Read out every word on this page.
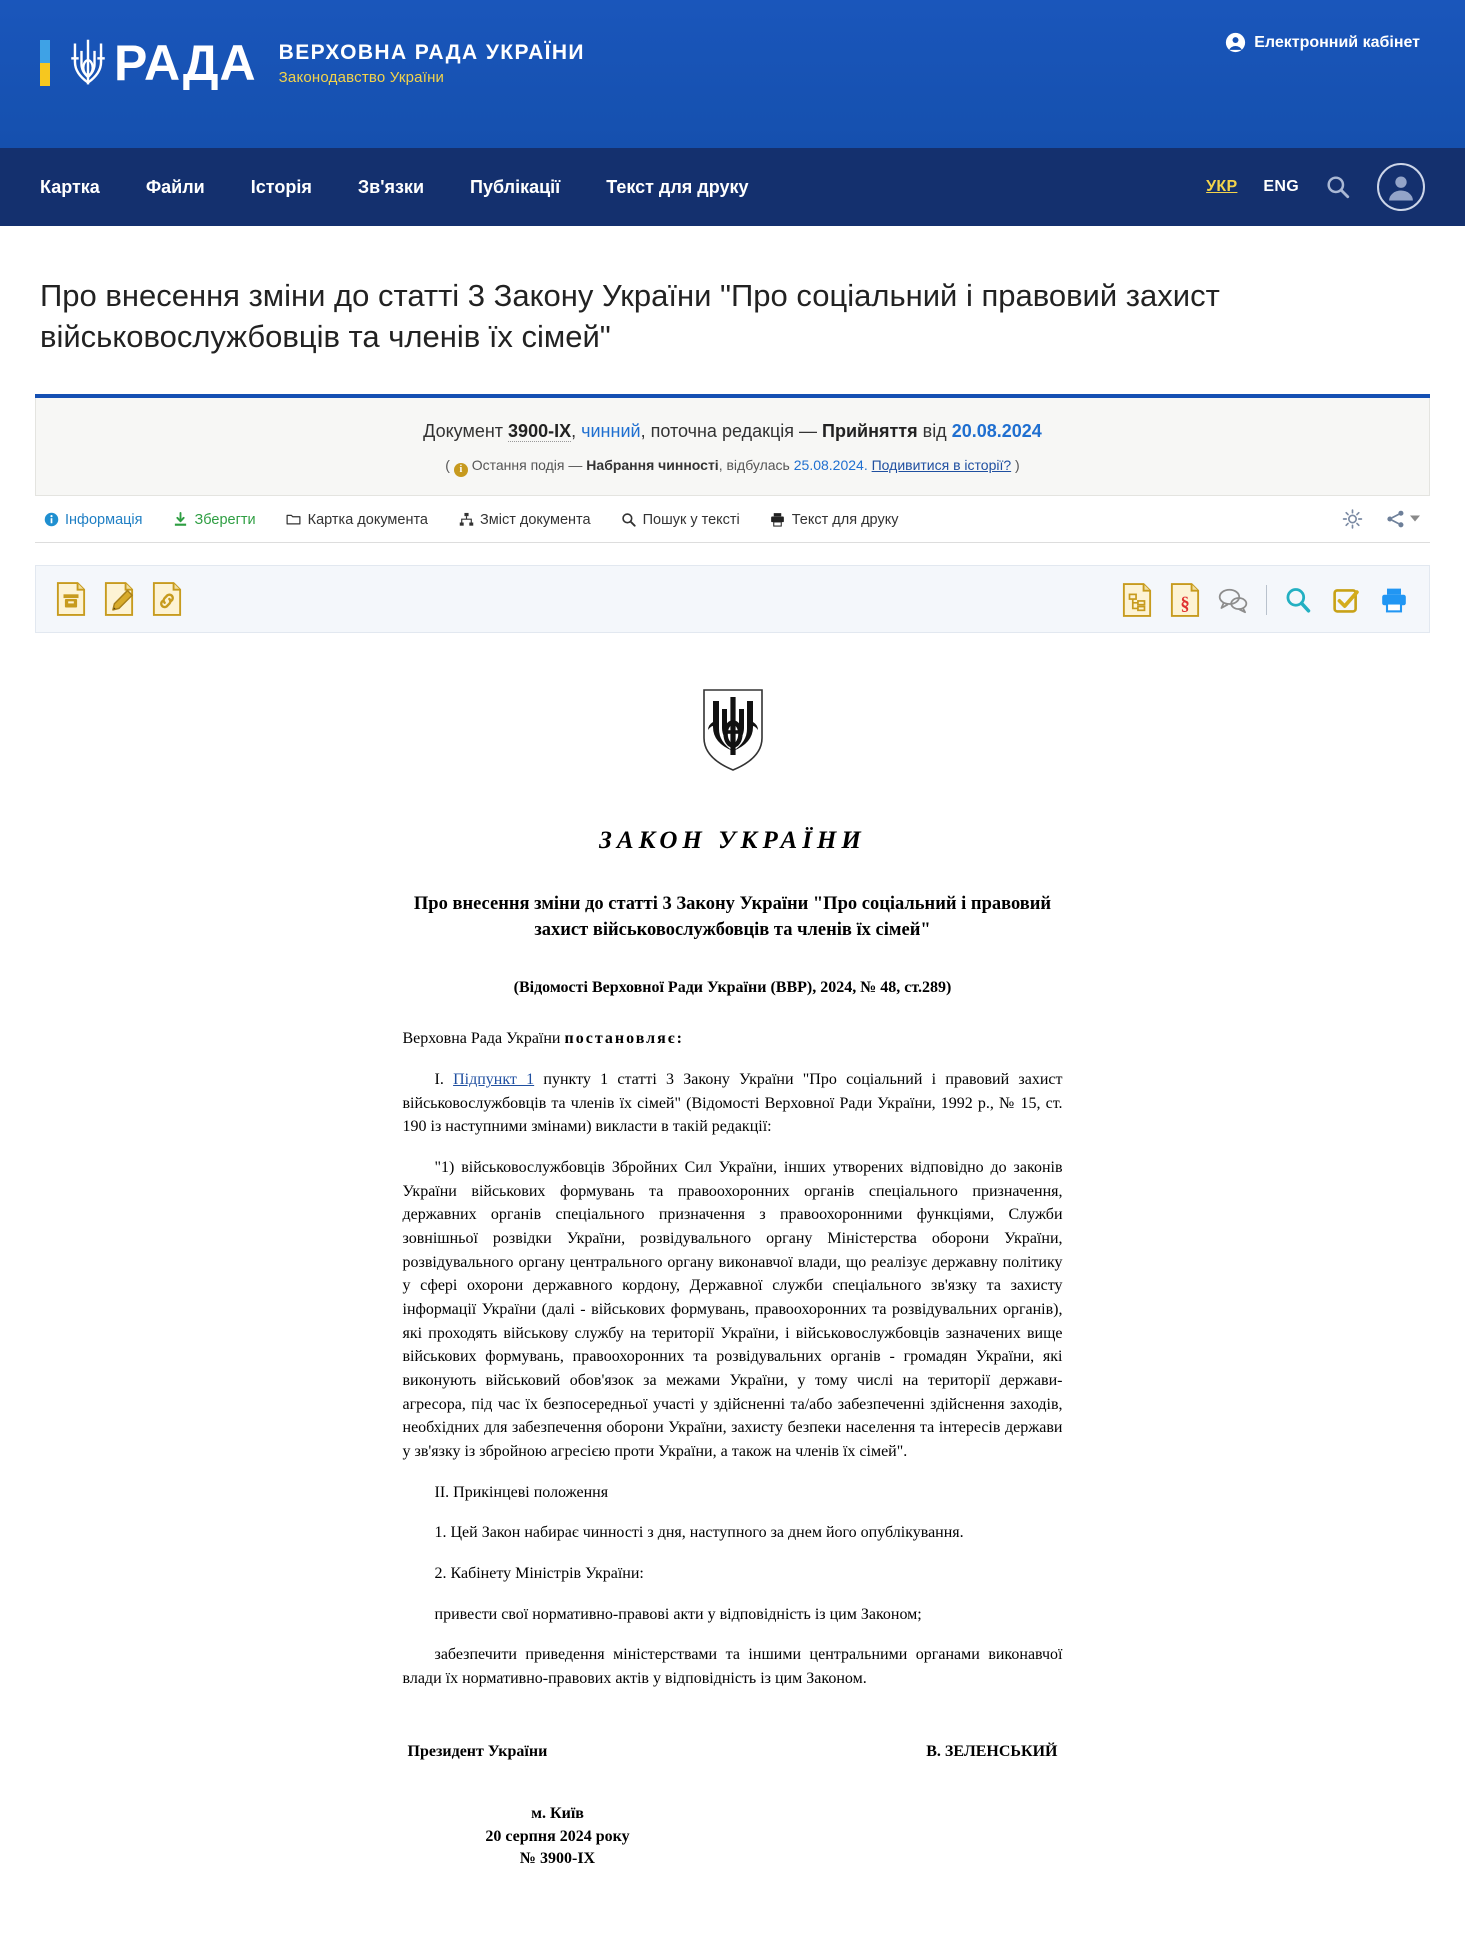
РАДА ВЕРХОВНА РАДА УКРАЇНИ
Законодавство України
Електронний кабінет
Картка	Файли	Історія	Зв'язки	Публікації	Текст для друку	УКР ENG
Про внесення зміни до статті 3 Закону України "Про соціальний і правовий захист військовослужбовців та членів їх сімей"
Документ 3900-IX, чинний, поточна редакція — Прийняття від 20.08.2024
( i Остання подія — Набрання чинності, відбулась 25.08.2024. Подивитися в історії? )
Інформація	Зберегти	Картка документа	Зміст документа	Пошук у тексті	Текст для друку
§
ЗАКОН УКРАЇНИ
Про внесення зміни до статті 3 Закону України "Про соціальний і правовий захист військовослужбовців та членів їх сімей"
(Відомості Верховної Ради України (ВВР), 2024, № 48, ст.289)

Верховна Рада України постановляє:

I. Підпункт 1 пункту 1 статті 3 Закону України "Про соціальний і правовий захист військовослужбовців та членів їх сімей" (Відомості Верховної Ради України, 1992 р., № 15, ст. 190 із наступними змінами) викласти в такій редакції:

"1) військовослужбовців Збройних Сил України, інших утворених відповідно до законів України військових формувань та правоохоронних органів спеціального призначення, державних органів спеціального призначення з правоохоронними функціями, Служби зовнішньої розвідки України, розвідувального органу Міністерства оборони України, розвідувального органу центрального органу виконавчої влади, що реалізує державну політику у сфері охорони державного кордону, Державної служби спеціального зв'язку та захисту інформації України (далі - військових формувань, правоохоронних та розвідувальних органів), які проходять військову службу на території України, і військовослужбовців зазначених вище військових формувань, правоохоронних та розвідувальних органів - громадян України, які виконують військовий обов'язок за межами України, у тому числі на території держави-агресора, під час їх безпосередньої участі у здійсненні та/або забезпеченні здійснення заходів, необхідних для забезпечення оборони України, захисту безпеки населення та інтересів держави у зв'язку із збройною агресією проти України, а також на членів їх сімей".

II. Прикінцеві положення

1. Цей Закон набирає чинності з дня, наступного за днем його опублікування.

2. Кабінету Міністрів України:

привести свої нормативно-правові акти у відповідність із цим Законом;

забезпечити приведення міністерствами та іншими центральними органами виконавчої влади їх нормативно-правових актів у відповідність із цим Законом.

Президент України	В. ЗЕЛЕНСЬКИЙ
м. Київ
20 серпня 2024 року
№ 3900-IX
